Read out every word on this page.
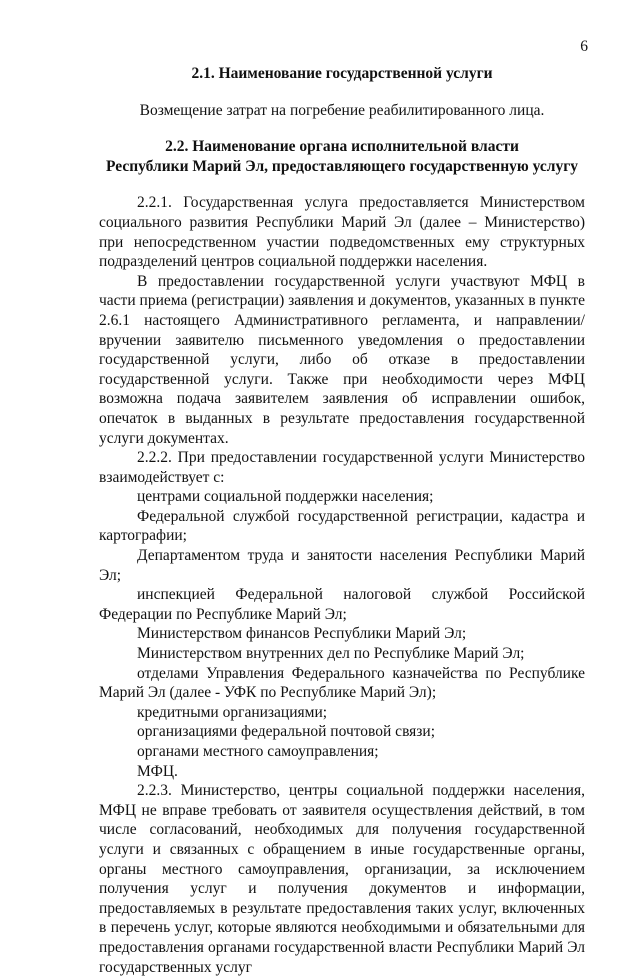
6

2.1. Наименование государственной услуги

Возмещение затрат на погребение реабилитированного лица.

2.2. Наименование органа исполнительной власти

Республики Марий Эл, предоставляющего государственную услугу

2.2.1. Государственная услуга предоставляется Министерством социального развития Республики Марий Эл (далее – Министерство) при непосредственном участии подведомственных ему структурных подразделений центров социальной поддержки населения.

В предоставлении государственной услуги участвуют МФЦ в части приема (регистрации) заявления и документов, указанных в пункте 2.6.1 настоящего Административного регламента, и направлении/ вручении заявителю письменного уведомления о предоставлении государственной услуги, либо об отказе в предоставлении государственной услуги. Также при необходимости через МФЦ возможна подача заявителем заявления об исправлении ошибок, опечаток в выданных в результате предоставления государственной услуги документах.

2.2.2. При предоставлении государственной услуги Министерство взаимодействует с:

центрами социальной поддержки населения;

Федеральной службой государственной регистрации, кадастра и картографии;

Департаментом труда и занятости населения Республики Марий Эл;

инспекцией Федеральной налоговой службой Российской Федерации по Республике Марий Эл;

Министерством финансов Республики Марий Эл;

Министерством внутренних дел по Республике Марий Эл;

отделами Управления Федерального казначейства по Республике Марий Эл (далее - УФК по Республике Марий Эл);

кредитными организациями;

организациями федеральной почтовой связи;

органами местного самоуправления;

МФЦ.

2.2.3. Министерство, центры социальной поддержки населения, МФЦ не вправе требовать от заявителя осуществления действий, в том числе согласований, необходимых для получения государственной услуги и связанных с обращением в иные государственные органы, органы местного самоуправления, организации, за исключением получения услуг и получения документов и информации, предоставляемых в результате предоставления таких услуг, включенных в перечень услуг, которые являются необходимыми и обязательными для предоставления органами государственной власти Республики Марий Эл государственных услуг
